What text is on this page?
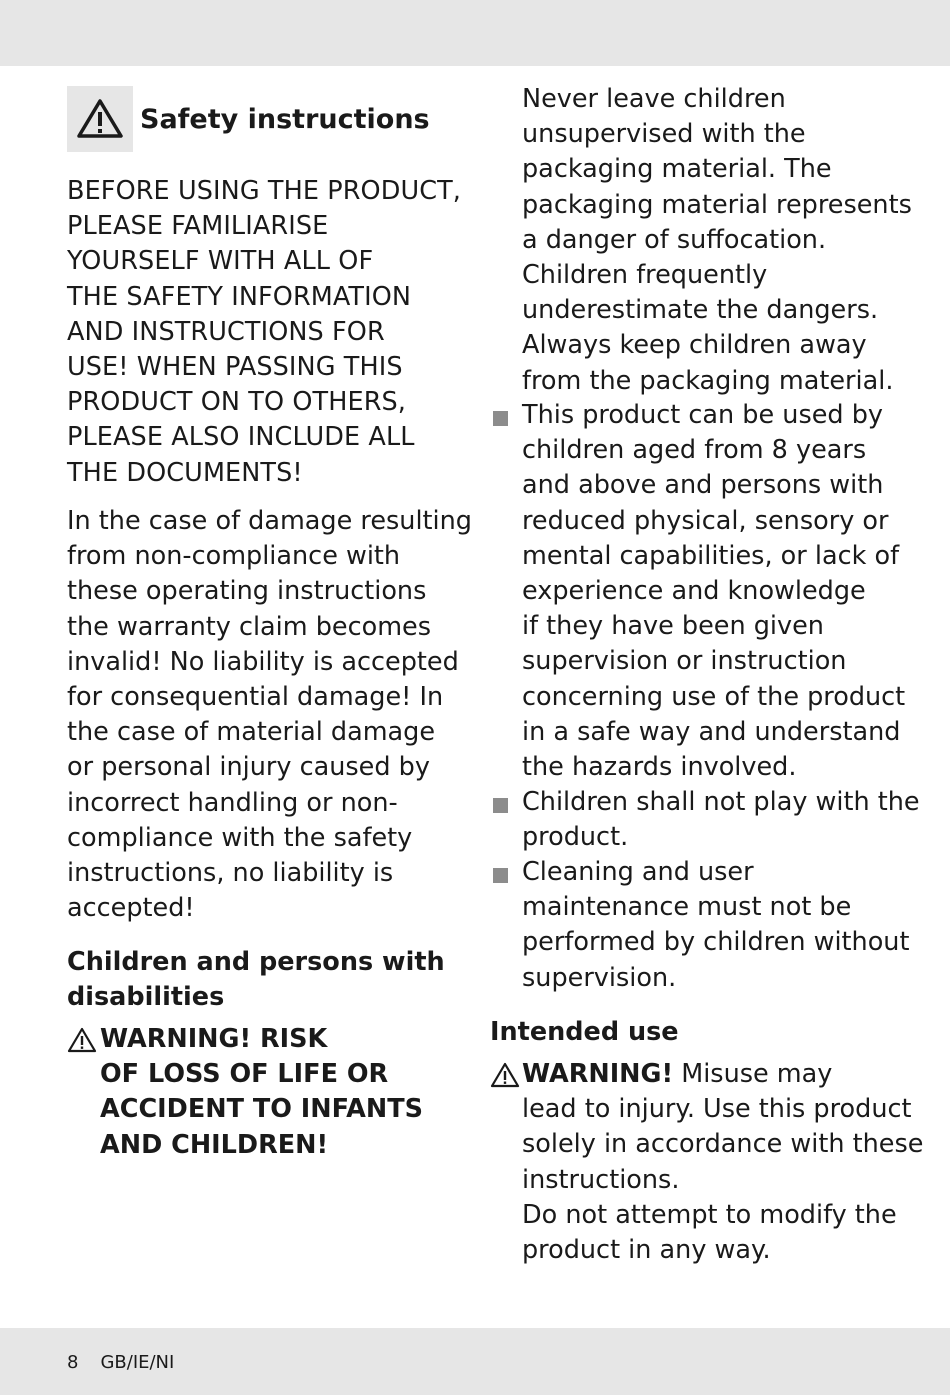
Safety instructions
BEFORE USING THE PRODUCT,
PLEASE FAMILIARISE
YOURSELF WITH ALL OF
THE SAFETY INFORMATION
AND INSTRUCTIONS FOR
USE! WHEN PASSING THIS
PRODUCT ON TO OTHERS,
PLEASE ALSO INCLUDE ALL
THE DOCUMENTS!
In the case of damage resulting
from non-compliance with
these operating instructions
the warranty claim becomes
invalid! No liability is accepted
for consequential damage! In
the case of material damage
or personal injury caused by
incorrect handling or non-
compliance with the safety
instructions, no liability is
accepted!
Children and persons with
disabilities
WARNING! RISK
OF LOSS OF LIFE OR
ACCIDENT TO INFANTS
AND CHILDREN!
Never leave children
unsupervised with the
packaging material. The
packaging material represents
a danger of suffocation.
Children frequently
underestimate the dangers.
Always keep children away
from the packaging material.
This product can be used by
children aged from 8 years
and above and persons with
reduced physical, sensory or
mental capabilities, or lack of
experience and knowledge
if they have been given
supervision or instruction
concerning use of the product
in a safe way and understand
the hazards involved.
Children shall not play with the
product.
Cleaning and user
maintenance must not be
performed by children without
supervision.
Intended use
WARNING! Misuse may
lead to injury. Use this product
solely in accordance with these
instructions.
Do not attempt to modify the
product in any way.
8 GB/IE/NI
